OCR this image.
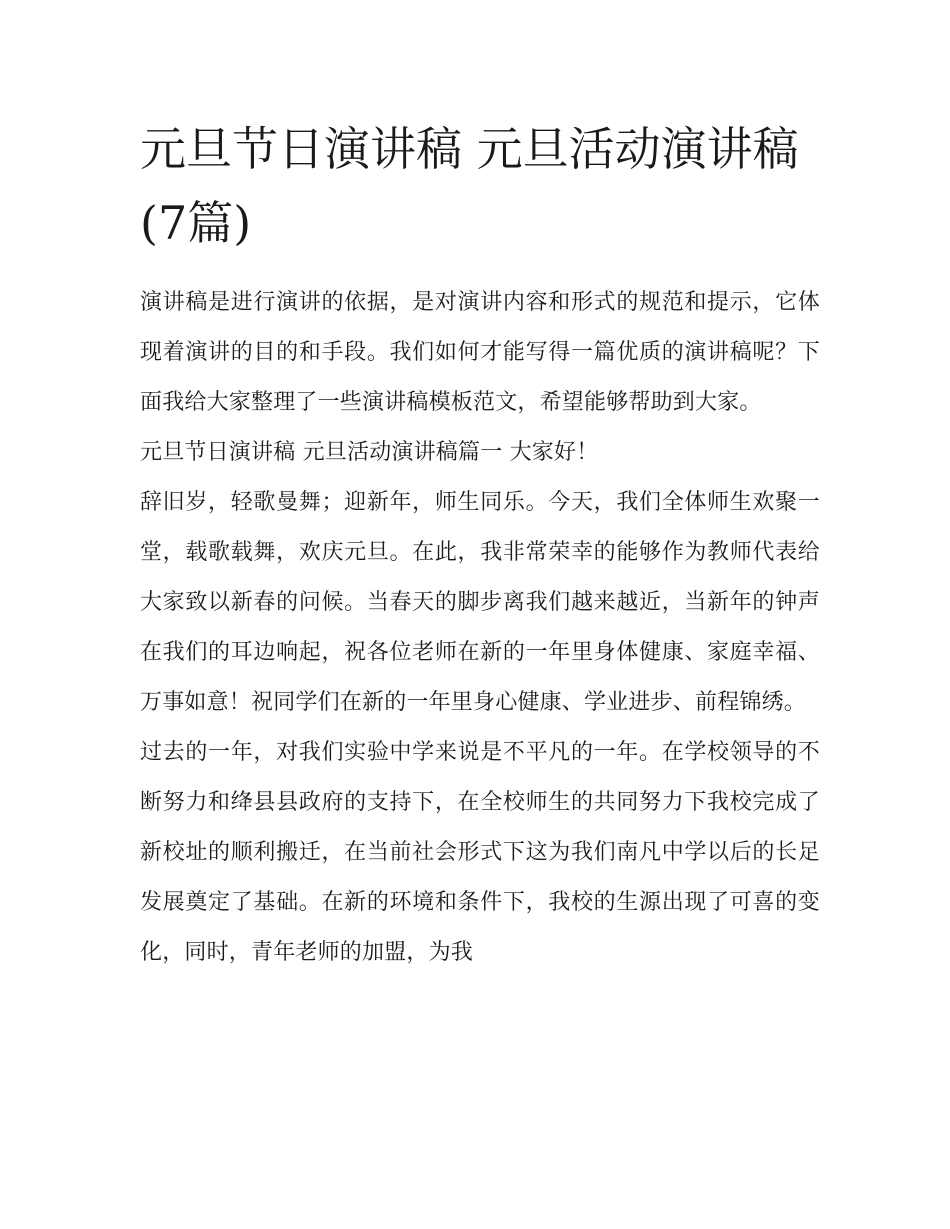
元旦节日演讲稿 元旦活动演讲稿(7篇)

演讲稿是进行演讲的依据，是对演讲内容和形式的规范和提示，它体现着演讲的目的和手段。我们如何才能写得一篇优质的演讲稿呢？下面我给大家整理了一些演讲稿模板范文，希望能够帮助到大家。

元旦节日演讲稿 元旦活动演讲稿篇一 大家好！

辞旧岁，轻歌曼舞；迎新年，师生同乐。今天，我们全体师生欢聚一堂，载歌载舞，欢庆元旦。在此，我非常荣幸的能够作为教师代表给大家致以新春的问候。当春天的脚步离我们越来越近，当新年的钟声在我们的耳边响起，祝各位老师在新的一年里身体健康、家庭幸福、万事如意！祝同学们在新的一年里身心健康、学业进步、前程锦绣。

过去的一年，对我们实验中学来说是不平凡的一年。在学校领导的不断努力和绛县县政府的支持下，在全校师生的共同努力下我校完成了新校址的顺利搬迁，在当前社会形式下这为我们南凡中学以后的长足发展奠定了基础。在新的环境和条件下，我校的生源出现了可喜的变化，同时，青年老师的加盟，为我
